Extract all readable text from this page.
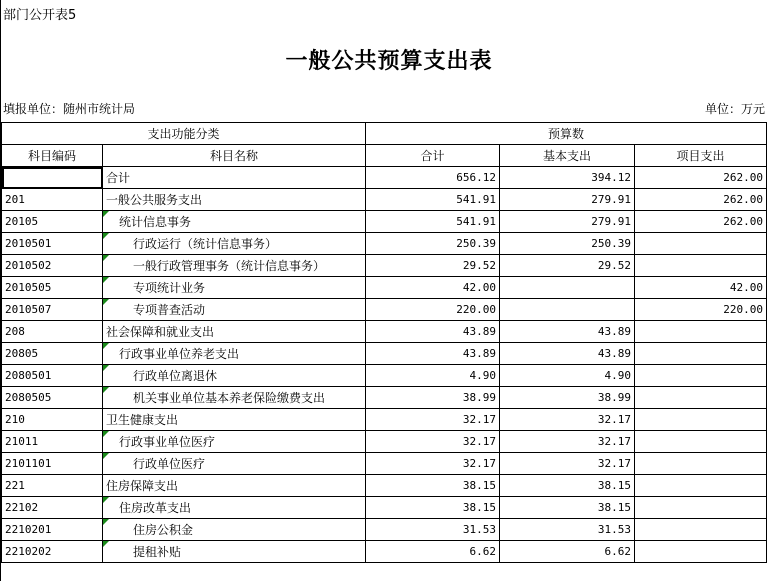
部门公开表5
一般公共预算支出表
填报单位：随州市统计局	单位：万元
支出功能分类		预算数		
科目编码	科目名称	合计	基本支出	项目支出
	合计	656.12	394.12	262.00
201	一般公共服务支出	541.91	279.91	262.00
20105	统计信息事务	541.91	279.91	262.00
2010501	行政运行（统计信息事务）	250.39	250.39	
2010502	一般行政管理事务（统计信息事务）	29.52	29.52	
2010505	专项统计业务	42.00		42.00
2010507	专项普查活动	220.00		220.00
208	社会保障和就业支出	43.89	43.89	
20805	行政事业单位养老支出	43.89	43.89	
2080501	行政单位离退休	4.90	4.90	
2080505	机关事业单位基本养老保险缴费支出	38.99	38.99	
210	卫生健康支出	32.17	32.17	
21011	行政事业单位医疗	32.17	32.17	
2101101	行政单位医疗	32.17	32.17	
221	住房保障支出	38.15	38.15	
22102	住房改革支出	38.15	38.15	
2210201	住房公积金	31.53	31.53	
2210202	提租补贴	6.62	6.62	
